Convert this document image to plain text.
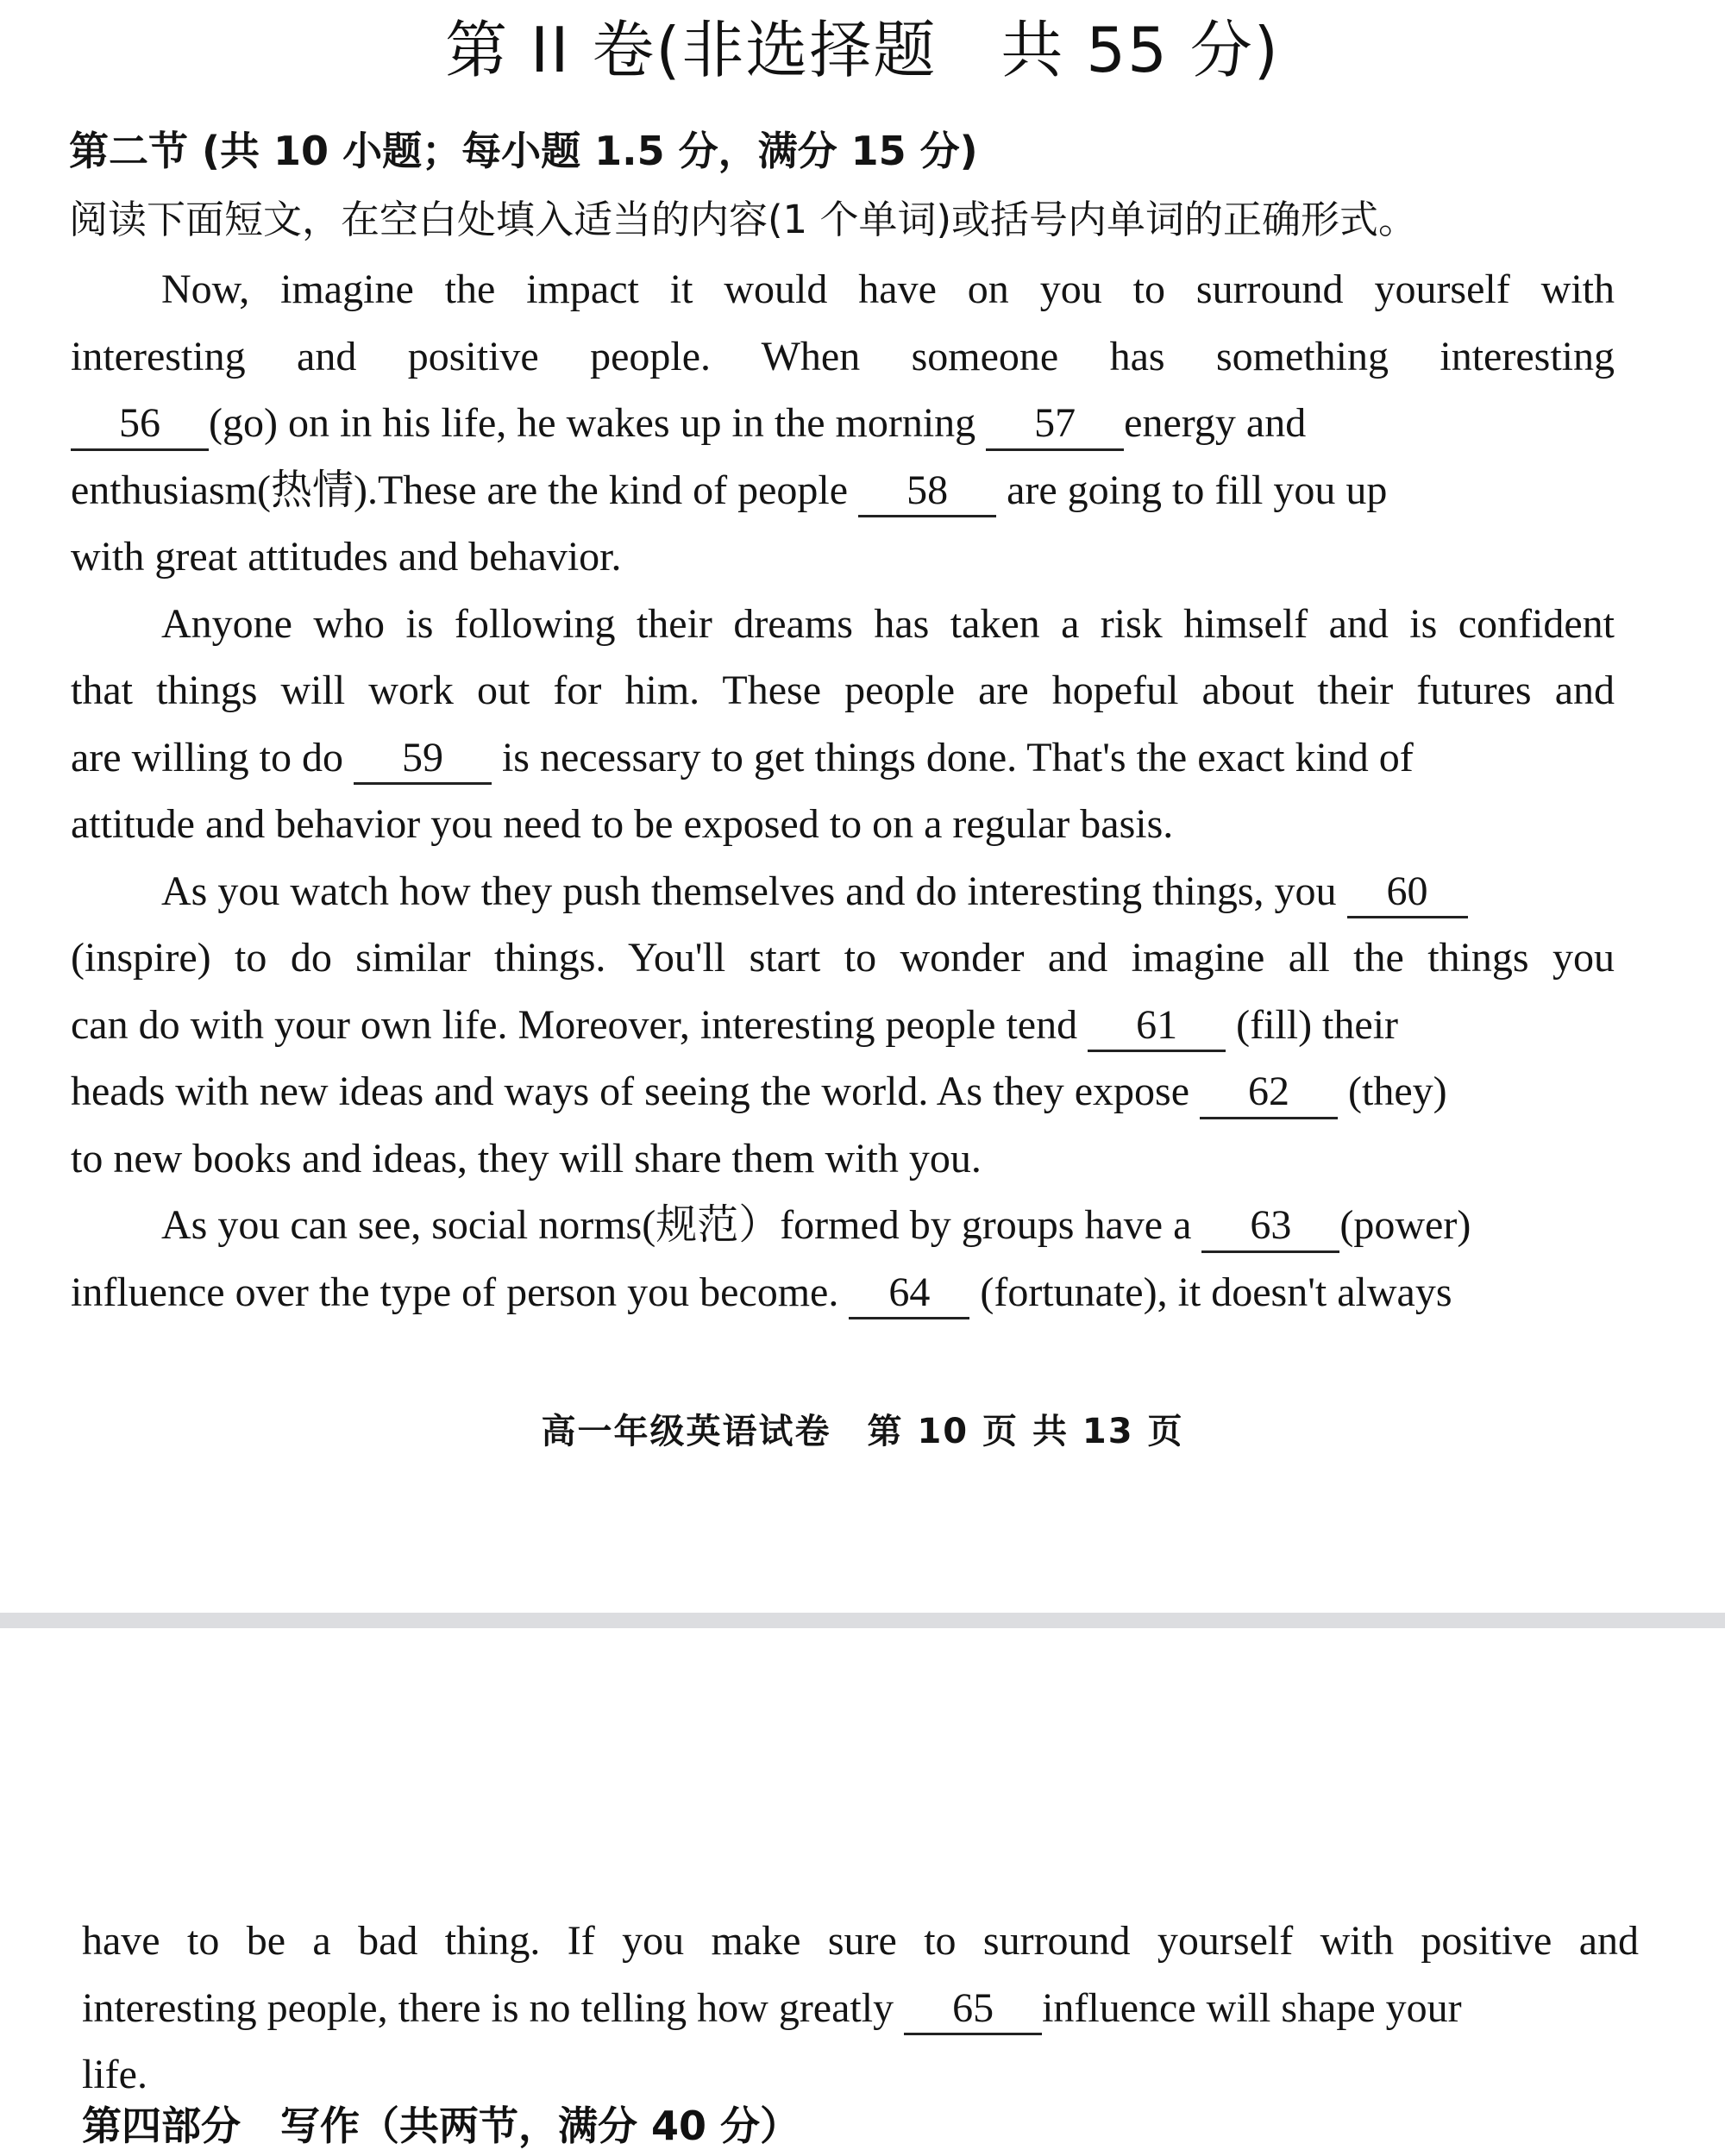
第 II 卷(非选择题　共 55 分)
第二节 (共 10 小题；每小题 1.5 分，满分 15 分)
阅读下面短文，在空白处填入适当的内容(1 个单词)或括号内单词的正确形式。
Now, imagine the impact it would have on you to surround yourself with
interesting and positive people. When someone has something interesting
56 (go) on in his life, he wakes up in the morning 57 energy and
enthusiasm(热情).These are the kind of people 58 are going to fill you up
with great attitudes and behavior.
Anyone who is following their dreams has taken a risk himself and is confident
that things will work out for him. These people are hopeful about their futures and
are willing to do 59 is necessary to get things done. That's the exact kind of
attitude and behavior you need to be exposed to on a regular basis.
As you watch how they push themselves and do interesting things, you 60
(inspire) to do similar things. You'll start to wonder and imagine all the things you
can do with your own life. Moreover, interesting people tend 61 (fill) their
heads with new ideas and ways of seeing the world. As they expose 62 (they)
to new books and ideas, they will share them with you.
As you can see, social norms(规范）formed by groups have a 63 (power)
influence over the type of person you become. 64 (fortunate), it doesn't always
高一年级英语试卷　第 10 页 共 13 页
have to be a bad thing. If you make sure to surround yourself with positive and
interesting people, there is no telling how greatly 65 influence will shape your
life.
第四部分　写作（共两节，满分 40 分）
